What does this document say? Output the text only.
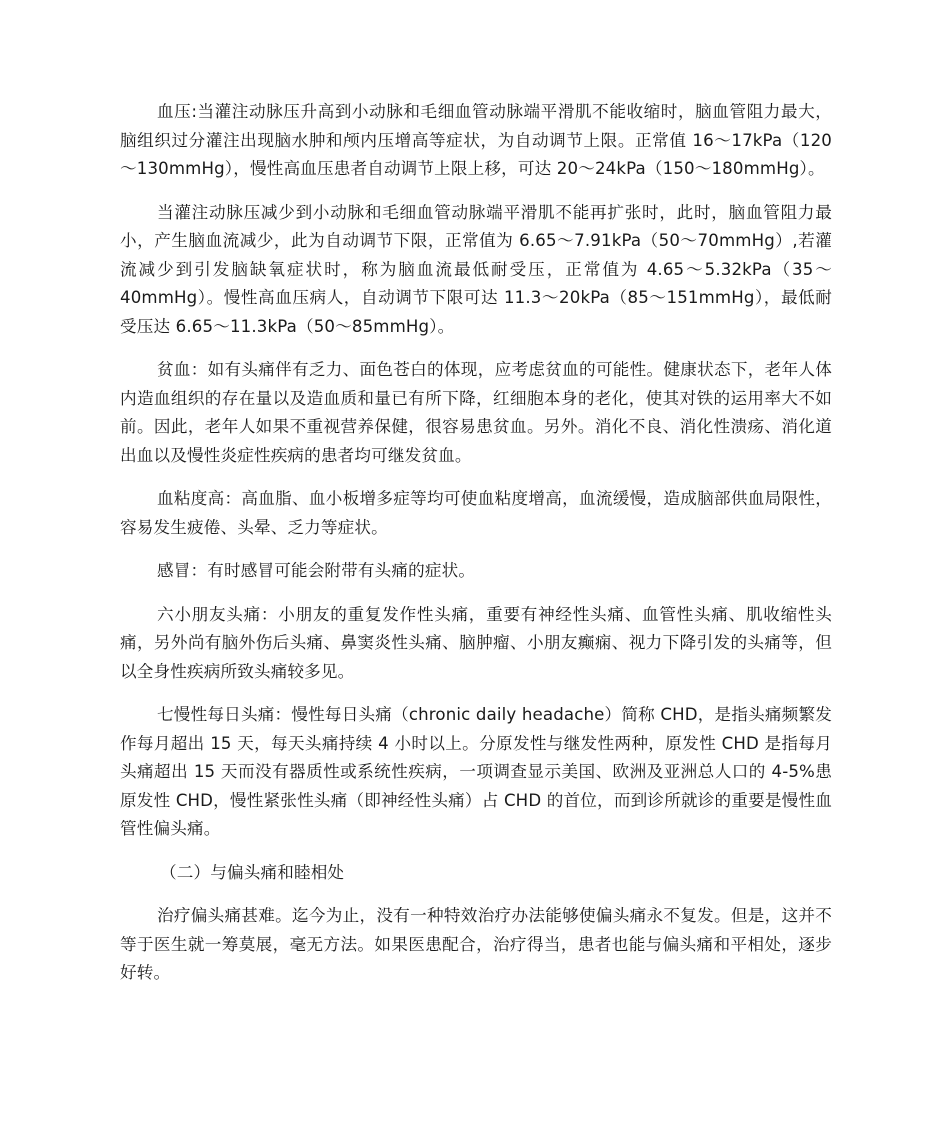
血压:当灌注动脉压升高到小动脉和毛细血管动脉端平滑肌不能收缩时，脑血管阻力最大，脑组织过分灌注出现脑水肿和颅内压增高等症状，为自动调节上限。正常值 16～17kPa（120～130mmHg），慢性高血压患者自动调节上限上移，可达 20～24kPa（150～180mmHg）。

当灌注动脉压减少到小动脉和毛细血管动脉端平滑肌不能再扩张时，此时，脑血管阻力最小，产生脑血流减少，此为自动调节下限，正常值为 6.65～7.91kPa（50～70mmHg）,若灌流减少到引发脑缺氧症状时，称为脑血流最低耐受压，正常值为 4.65～5.32kPa（35～40mmHg）。慢性高血压病人，自动调节下限可达 11.3～20kPa（85～151mmHg），最低耐受压达 6.65～11.3kPa（50～85mmHg）。

贫血：如有头痛伴有乏力、面色苍白的体现，应考虑贫血的可能性。健康状态下，老年人体内造血组织的存在量以及造血质和量已有所下降，红细胞本身的老化，使其对铁的运用率大不如前。因此，老年人如果不重视营养保健，很容易患贫血。另外。消化不良、消化性溃疡、消化道出血以及慢性炎症性疾病的患者均可继发贫血。

血粘度高：高血脂、血小板增多症等均可使血粘度增高，血流缓慢，造成脑部供血局限性，容易发生疲倦、头晕、乏力等症状。

感冒：有时感冒可能会附带有头痛的症状。

六小朋友头痛：小朋友的重复发作性头痛，重要有神经性头痛、血管性头痛、肌收缩性头痛，另外尚有脑外伤后头痛、鼻窦炎性头痛、脑肿瘤、小朋友癫痫、视力下降引发的头痛等，但以全身性疾病所致头痛较多见。

七慢性每日头痛：慢性每日头痛（chronic daily headache）简称 CHD，是指头痛频繁发作每月超出 15 天，每天头痛持续 4 小时以上。分原发性与继发性两种，原发性 CHD 是指每月头痛超出 15 天而没有器质性或系统性疾病，一项调查显示美国、欧洲及亚洲总人口的 4-5%患原发性 CHD，慢性紧张性头痛（即神经性头痛）占 CHD 的首位，而到诊所就诊的重要是慢性血管性偏头痛。

（二）与偏头痛和睦相处

治疗偏头痛甚难。迄今为止，没有一种特效治疗办法能够使偏头痛永不复发。但是，这并不等于医生就一筹莫展，毫无方法。如果医患配合，治疗得当，患者也能与偏头痛和平相处，逐步好转。
